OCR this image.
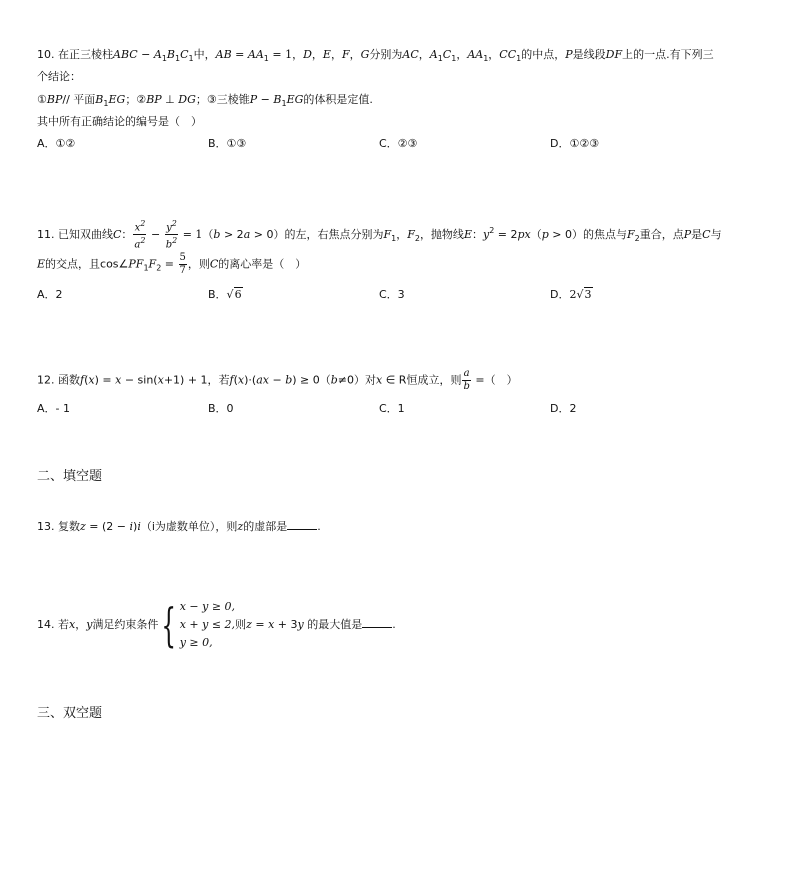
10. 在正三棱柱ABC − $A_1B_1C_1$中，AB = $AA_1 = 1$，D，E，F，G分别为AC，$A_1C_1$，$AA_1$，$CC_1$的中点，P是线段DF上的一点.有下列三
个结论：
①BP// 平面$B_1EG$；②BP ⊥ DG；③三棱锥$P - B_1EG$的体积是定值.
其中所有正确结论的编号是（　）
A．①②	B．①③	C．②③	D．①②③
11. 已知双曲线C： $\frac{x^2}{a^2} - \frac{y^2}{b^2} = 1(b > 2a > 0)$的左，右焦点分别为$F_1$，$F_2$，抛物线E：$y^2 = 2px(p > 0)$的焦点与$F_2$重合，点P是C与
E的交点，且$\cos\angle PF_1F_2 = \frac{5}{7}$ ，则C的离心率是（　）
A．2	B．√6	C．3	D．2√3
12. 函数f(x) = x − sin(x+1) + 1，若f(x)·(ax − b) ≥ 0（b≠0）对x ∈ R恒成立，则 $\frac{a}{b}$ =（　）
A．- 1	B．0	C．1	D．2
二、填空题
13. 复数z = (2 − i)i（i为虚数单位），则z的虚部是	.
14. 若x，y满足约束条件 { x − y ≥ 0,
x + y ≤ 2,
y ≥ 0,
则z = x + 3y 的最大值是	.
三、双空题
